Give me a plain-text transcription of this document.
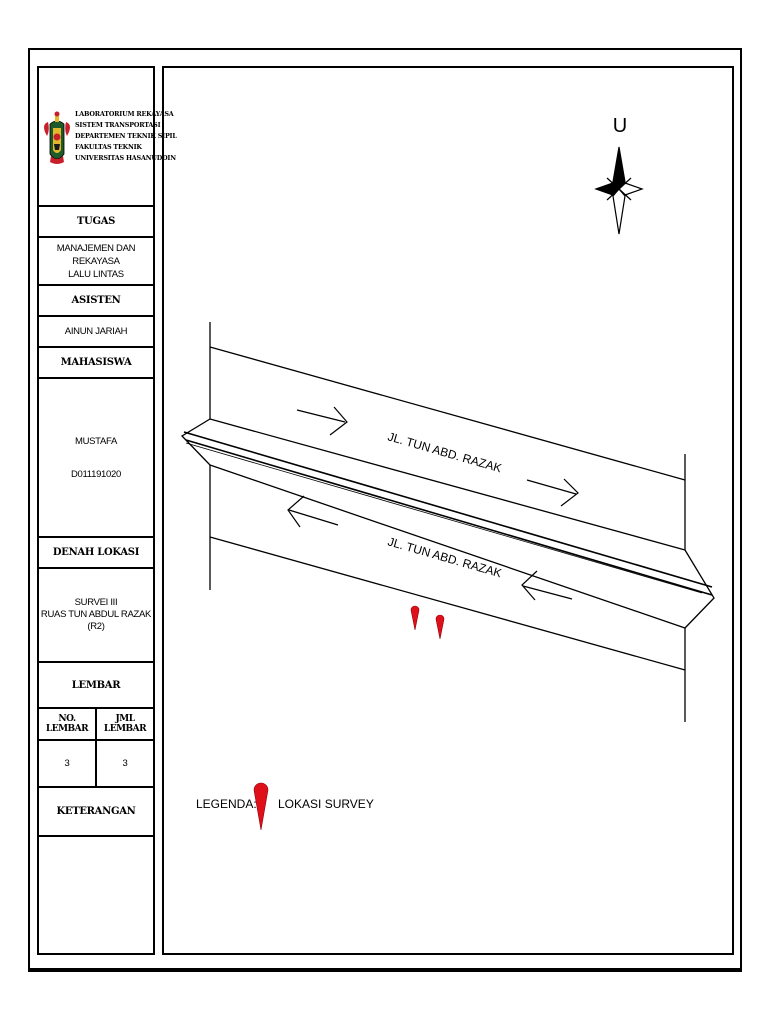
LABORATORIUM REKAYASA
SISTEM TRANSPORTASI
DEPARTEMEN TEKNIK SIPIL
FAKULTAS TEKNIK
UNIVERSITAS HASANUDDIN
TUGAS
MANAJEMEN DAN REKAYASA
LALU LINTAS
ASISTEN
AINUN JARIAH
MAHASISWA
MUSTAFA
D011191020
DENAH LOKASI
SURVEI III
RUAS TUN ABDUL RAZAK
(R2)
LEMBAR
NO. LEMBAR
JML LEMBAR
3	3
KETERANGAN
U
JL. TUN ABD. RAZAK
JL. TUN ABD. RAZAK
LEGENDA: LOKASI SURVEY
